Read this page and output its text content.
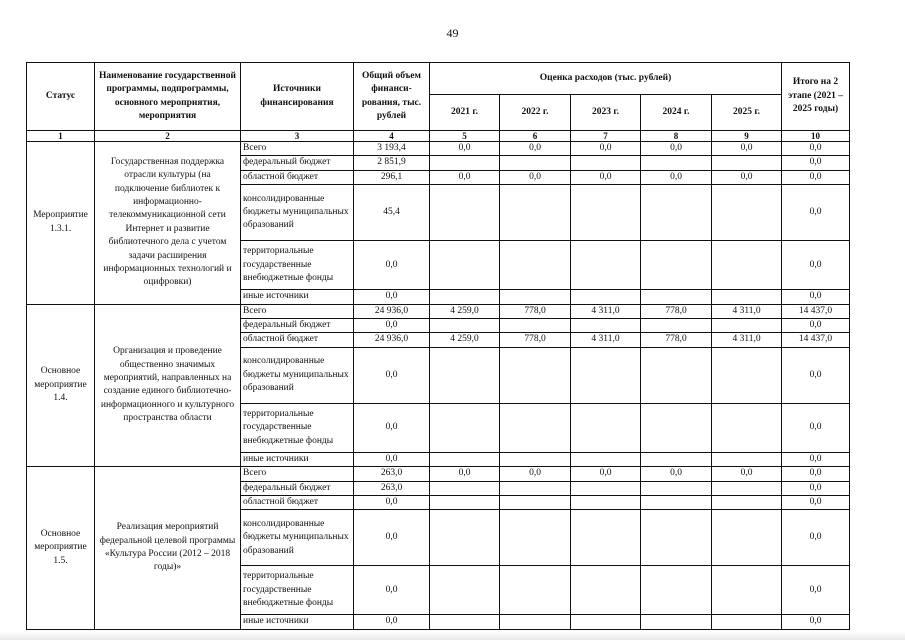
49
Статус	Наименование государственной программы, подпрограммы, основного мероприятия, мероприятия	Источники финансирования	Общий объем финанси-рования, тыс. рублей	Оценка расходов (тыс. рублей)					Итого на 2 этапе (2021 – 2025 годы)
				2021 г.	2022 г.	2023 г.	2024 г.	2025 г.	
1	2	3	4	5	6	7	8	9	10
Мероприятие 1.3.1.	Государственная поддержка отрасли культуры (на подключение библиотек к информационно-телекоммуникационной сети Интернет и развитие библиотечного дела с учетом задачи расширения информационных технологий и оцифровки)	Всего	3 193,4	0,0	0,0	0,0	0,0	0,0	0,0
		федеральный бюджет	2 851,9						0,0
		областной бюджет	296,1	0,0	0,0	0,0	0,0	0,0	0,0
		консолидированные бюджеты муниципальных образований	45,4						0,0
		территориальные государственные внебюджетные фонды	0,0						0,0
		иные источники	0,0						0,0
Основное мероприятие 1.4.	Организация и проведение общественно значимых мероприятий, направленных на создание единого библиотечно-информационного и культурного пространства области	Всего	24 936,0	4 259,0	778,0	4 311,0	778,0	4 311,0	14 437,0
		федеральный бюджет	0,0						0,0
		областной бюджет	24 936,0	4 259,0	778,0	4 311,0	778,0	4 311,0	14 437,0
		консолидированные бюджеты муниципальных образований	0,0						0,0
		территориальные государственные внебюджетные фонды	0,0						0,0
		иные источники	0,0						0,0
Основное мероприятие 1.5.	Реализация мероприятий федеральной целевой программы «Культура России (2012 – 2018 годы)»	Всего	263,0	0,0	0,0	0,0	0,0	0,0	0,0
		федеральный бюджет	263,0						0,0
		областной бюджет	0,0						0,0
		консолидированные бюджеты муниципальных образований	0,0						0,0
		территориальные государственные внебюджетные фонды	0,0						0,0
		иные источники	0,0						0,0
